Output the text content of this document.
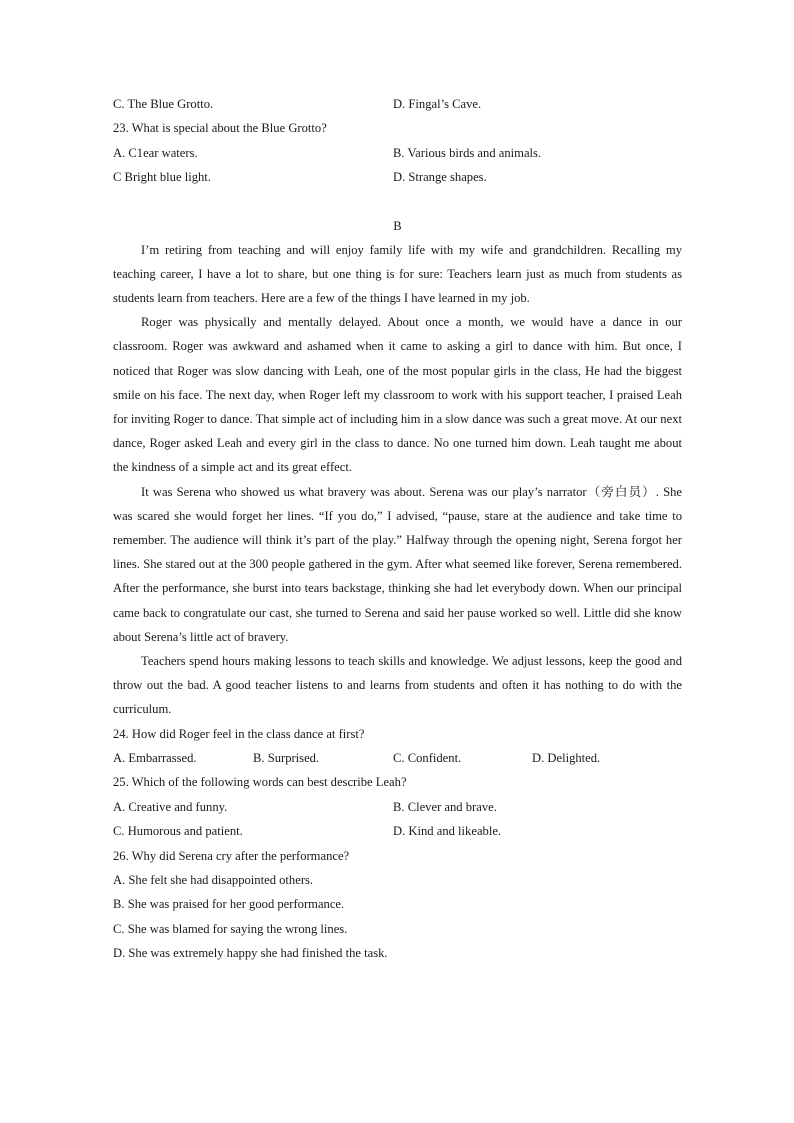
C. The Blue Grotto.	D. Fingal’s Cave.
23. What is special about the Blue Grotto?
A. C1ear waters.	B. Various birds and animals.
C Bright blue light.	D. Strange shapes.
B

I’m retiring from teaching and will enjoy family life with my wife and grandchildren. Recalling my teaching career, I have a lot to share, but one thing is for sure: Teachers learn just as much from students as students learn from teachers. Here are a few of the things I have learned in my job.

Roger was physically and mentally delayed. About once a month, we would have a dance in our classroom. Roger was awkward and ashamed when it came to asking a girl to dance with him. But once, I noticed that Roger was slow dancing with Leah, one of the most popular girls in the class, He had the biggest smile on his face. The next day, when Roger left my classroom to work with his support teacher, I praised Leah for inviting Roger to dance. That simple act of including him in a slow dance was such a great move. At our next dance, Roger asked Leah and every girl in the class to dance. No one turned him down. Leah taught me about the kindness of a simple act and its great effect.

It was Serena who showed us what bravery was about. Serena was our play’s narrator（旁白员）. She was scared she would forget her lines. “If you do,” I advised, “pause, stare at the audience and take time to remember. The audience will think it’s part of the play.” Halfway through the opening night, Serena forgot her lines. She stared out at the 300 people gathered in the gym. After what seemed like forever, Serena remembered. After the performance, she burst into tears backstage, thinking she had let everybody down. When our principal came back to congratulate our cast, she turned to Serena and said her pause worked so well. Little did she know about Serena’s little act of bravery.

Teachers spend hours making lessons to teach skills and knowledge. We adjust lessons, keep the good and throw out the bad. A good teacher listens to and learns from students and often it has nothing to do with the curriculum.

24. How did Roger feel in the class dance at first?
A. Embarrassed.	B. Surprised.	C. Confident.	D. Delighted.
25. Which of the following words can best describe Leah?
A. Creative and funny.	B. Clever and brave.
C. Humorous and patient.	D. Kind and likeable.
26. Why did Serena cry after the performance?
A. She felt she had disappointed others.
B. She was praised for her good performance.
C. She was blamed for saying the wrong lines.
D. She was extremely happy she had finished the task.
